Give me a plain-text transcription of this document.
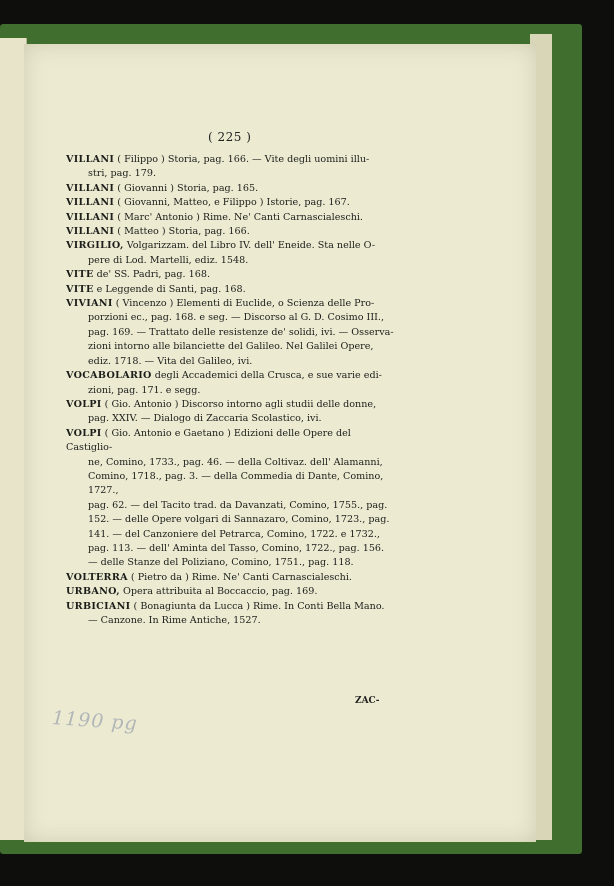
( 225 )
VILLANI ( Filippo ) Storia, pag. 166. — Vite degli uomini illu-
stri, pag. 179.
VILLANI ( Giovanni ) Storia, pag. 165.
VILLANI ( Giovanni, Matteo, e Filippo ) Istorie, pag. 167.
VILLANI ( Marc' Antonio ) Rime. Ne' Canti Carnascialeschi.
VILLANI ( Matteo ) Storia, pag. 166.
VIRGILIO, Volgarizzam. del Libro IV. dell' Eneide. Sta nelle O-
pere di Lod. Martelli, ediz. 1548.
VITE de' SS. Padri, pag. 168.
VITE e Leggende di Santi, pag. 168.
VIVIANI ( Vincenzo ) Elementi di Euclide, o Scienza delle Pro-
porzioni ec., pag. 168. e seg. — Discorso al G. D. Cosimo III.,
pag. 169. — Trattato delle resistenze de' solidi, ivi. — Osserva-
zioni intorno alle bilanciette del Galileo. Nel Galilei Opere,
ediz. 1718. — Vita del Galileo, ivi.
VOCABOLARIO degli Accademici della Crusca, e sue varie edi-
zioni, pag. 171. e segg.
VOLPI ( Gio. Antonio ) Discorso intorno agli studii delle donne,
pag. XXIV. — Dialogo di Zaccaria Scolastico, ivi.
VOLPI ( Gio. Antonio e Gaetano ) Edizioni delle Opere del Castiglio-
ne, Comino, 1733., pag. 46. — della Coltivaz. dell' Alamanni,
Comino, 1718., pag. 3. — della Commedia di Dante, Comino, 1727.,
pag. 62. — del Tacito trad. da Davanzati, Comino, 1755., pag.
152. — delle Opere volgari di Sannazaro, Comino, 1723., pag.
141. — del Canzoniere del Petrarca, Comino, 1722. e 1732.,
pag. 113. — dell' Aminta del Tasso, Comino, 1722., pag. 156.
— delle Stanze del Poliziano, Comino, 1751., pag. 118.
VOLTERRA ( Pietro da ) Rime. Ne' Canti Carnascialeschi.
URBANO, Opera attribuita al Boccaccio, pag. 169.
URBICIANI ( Bonagiunta da Lucca ) Rime. In Conti Bella Mano.
— Canzone. In Rime Antiche, 1527.
ZAC-
1190 pg
